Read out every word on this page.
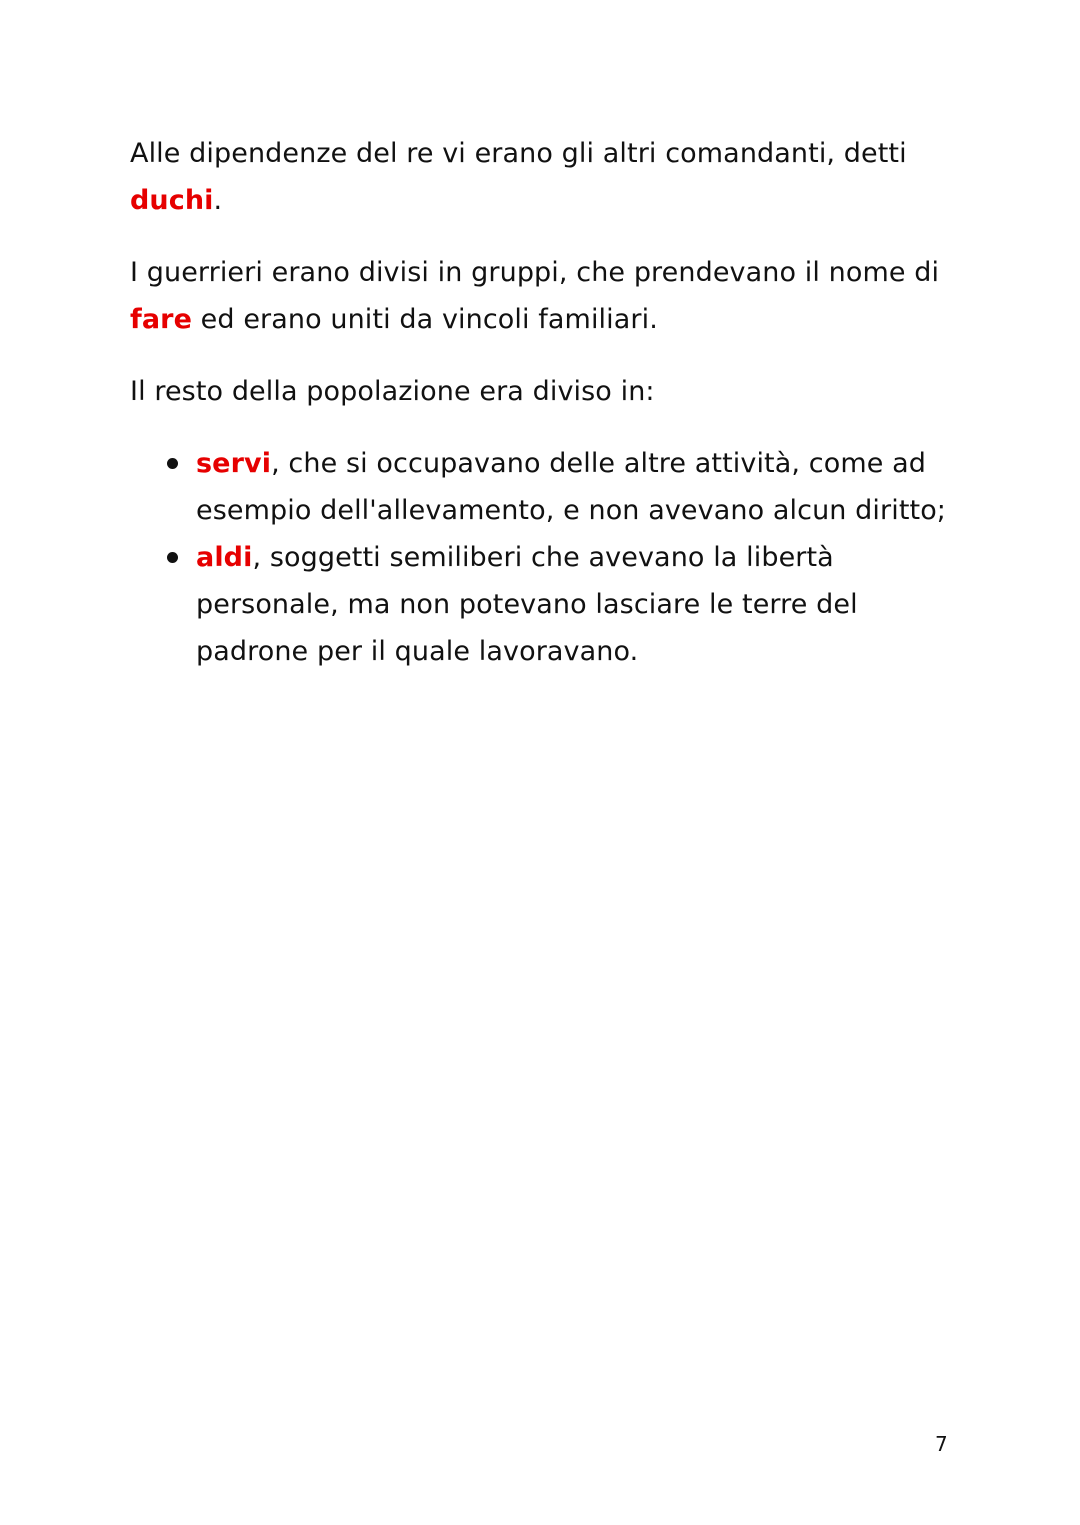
Alle dipendenze del re vi erano gli altri comandanti, detti
duchi.

I guerrieri erano divisi in gruppi, che prendevano il nome di
fare ed erano uniti da vincoli familiari.

Il resto della popolazione era diviso in:

servi, che si occupavano delle altre attività, come ad esempio dell'allevamento, e non avevano alcun diritto;
aldi, soggetti semiliberi che avevano la libertà personale, ma non potevano lasciare le terre del padrone per il quale lavoravano.
7
